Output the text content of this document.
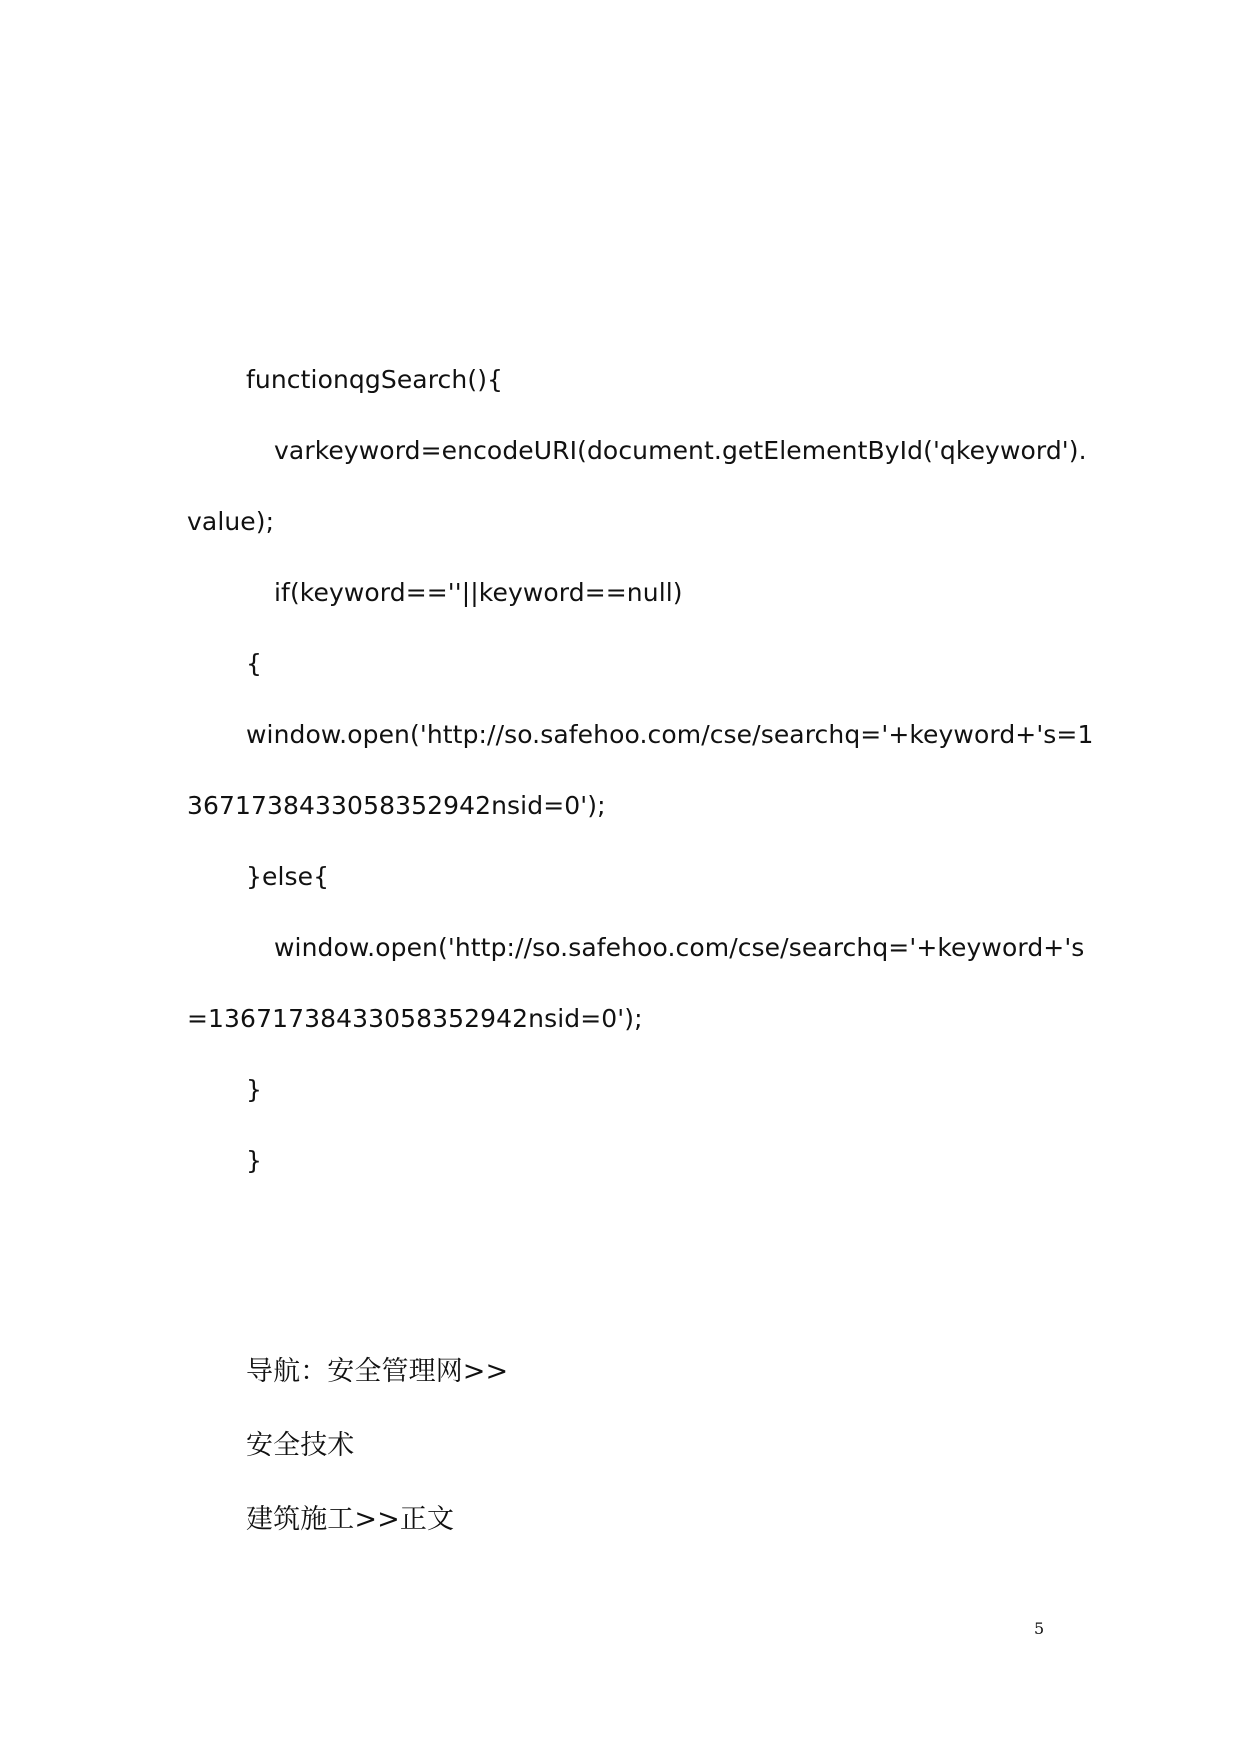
functionqgSearch(){
varkeyword=encodeURI(document.getElementById('qkeyword').
value);
if(keyword==''||keyword==null)
{
window.open('http://so.safehoo.com/cse/searchq='+keyword+'s=1
3671738433058352942nsid=0');
}else{
window.open('http://so.safehoo.com/cse/searchq='+keyword+'s
=13671738433058352942nsid=0');
}
}
导航：安全管理网>>
安全技术
建筑施工>>正文
5
